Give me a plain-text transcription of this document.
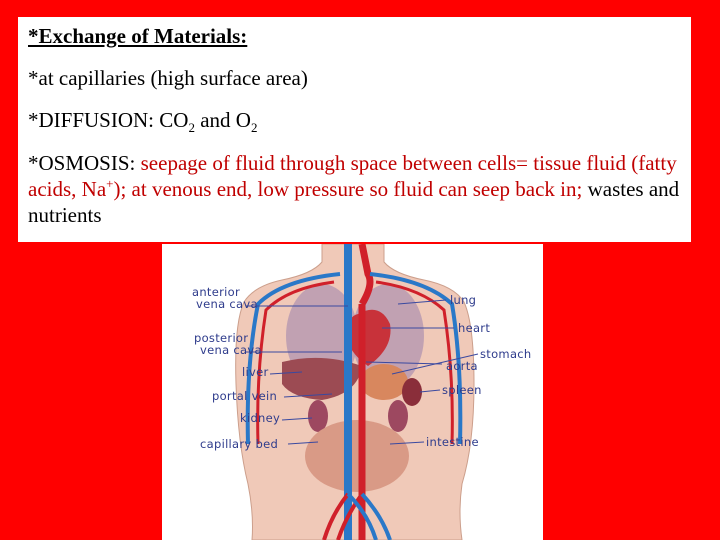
*Exchange of Materials:

*at capillaries (high surface area)

*DIFFUSION: $CO_2$ and $O_2$

*OSMOSIS: seepage of fluid through space between cells= tissue fluid (fatty acids, Na+); at venous end, low pressure so fluid can seep back in; wastes and nutrients

anterior
vena cava
posterior
vena cava
liver
portal vein
kidney
capillary bed
lung
heart
stomach
aorta
spleen
intestine
